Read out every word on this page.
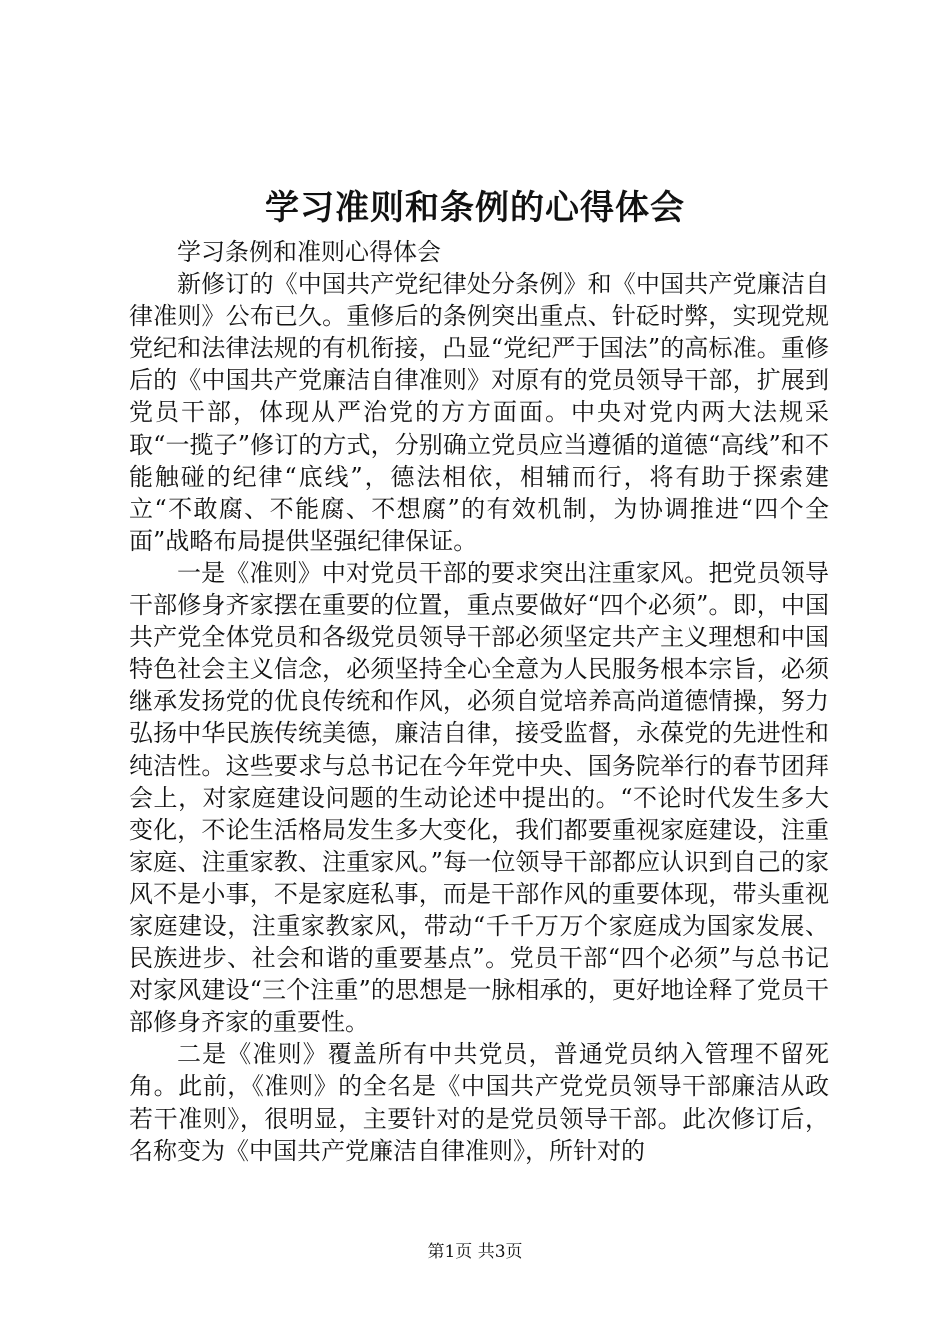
学习准则和条例的心得体会

学习条例和准则心得体会

新修订的《中国共产党纪律处分条例》和《中国共产党廉洁自律准则》公布已久。重修后的条例突出重点、针砭时弊，实现党规党纪和法律法规的有机衔接，凸显“党纪严于国法”的高标准。重修后的《中国共产党廉洁自律准则》对原有的党员领导干部，扩展到党员干部，体现从严治党的方方面面。中央对党内两大法规采取“一揽子”修订的方式，分别确立党员应当遵循的道德“高线”和不能触碰的纪律“底线”，德法相依，相辅而行，将有助于探索建立“不敢腐、不能腐、不想腐”的有效机制，为协调推进“四个全面”战略布局提供坚强纪律保证。

一是《准则》中对党员干部的要求突出注重家风。把党员领导干部修身齐家摆在重要的位置，重点要做好“四个必须”。即，中国共产党全体党员和各级党员领导干部必须坚定共产主义理想和中国特色社会主义信念，必须坚持全心全意为人民服务根本宗旨，必须继承发扬党的优良传统和作风，必须自觉培养高尚道德情操，努力弘扬中华民族传统美德，廉洁自律，接受监督，永葆党的先进性和纯洁性。这些要求与总书记在今年党中央、国务院举行的春节团拜会上，对家庭建设问题的生动论述中提出的。“不论时代发生多大变化，不论生活格局发生多大变化，我们都要重视家庭建设，注重家庭、注重家教、注重家风。”每一位领导干部都应认识到自己的家风不是小事，不是家庭私事，而是干部作风的重要体现，带头重视家庭建设，注重家教家风，带动“千千万万个家庭成为国家发展、民族进步、社会和谐的重要基点”。党员干部“四个必须”与总书记对家风建设“三个注重”的思想是一脉相承的，更好地诠释了党员干部修身齐家的重要性。

二是《准则》覆盖所有中共党员，普通党员纳入管理不留死角。此前，《准则》的全名是《中国共产党党员领导干部廉洁从政若干准则》，很明显，主要针对的是党员领导干部。此次修订后，名称变为《中国共产党廉洁自律准则》，所针对的

第1页 共3页
